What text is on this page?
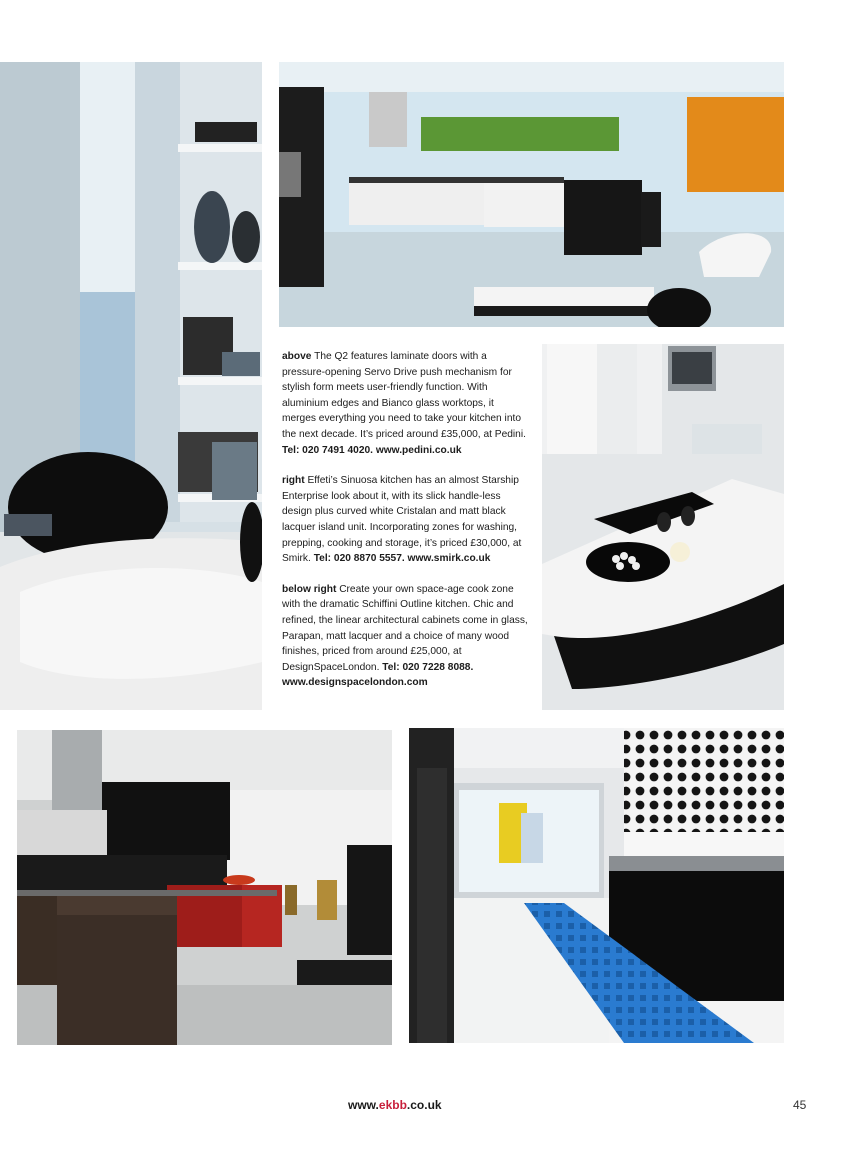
above The Q2 features laminate doors with a pressure-opening Servo Drive push mechanism for stylish form meets user-friendly function. With aluminium edges and Bianco glass worktops, it merges everything you need to take your kitchen into the next decade. It’s priced around £35,000, at Pedini. Tel: 020 7491 4020. www.pedini.co.uk

right Effeti’s Sinuosa kitchen has an almost Starship Enterprise look about it, with its slick handle-less design plus curved white Cristalan and matt black lacquer island unit. Incorporating zones for washing, prepping, cooking and storage, it’s priced £30,000, at Smirk. Tel: 020 8870 5557. www.smirk.co.uk

below right Create your own space-age cook zone with the dramatic Schiffini Outline kitchen. Chic and refined, the linear architectural cabinets come in glass, Parapan, matt lacquer and a choice of many wood finishes, priced from around £25,000, at DesignSpaceLondon. Tel: 020 7228 8088. www.designspacelondon.com

www.ekbb.co.uk	45
